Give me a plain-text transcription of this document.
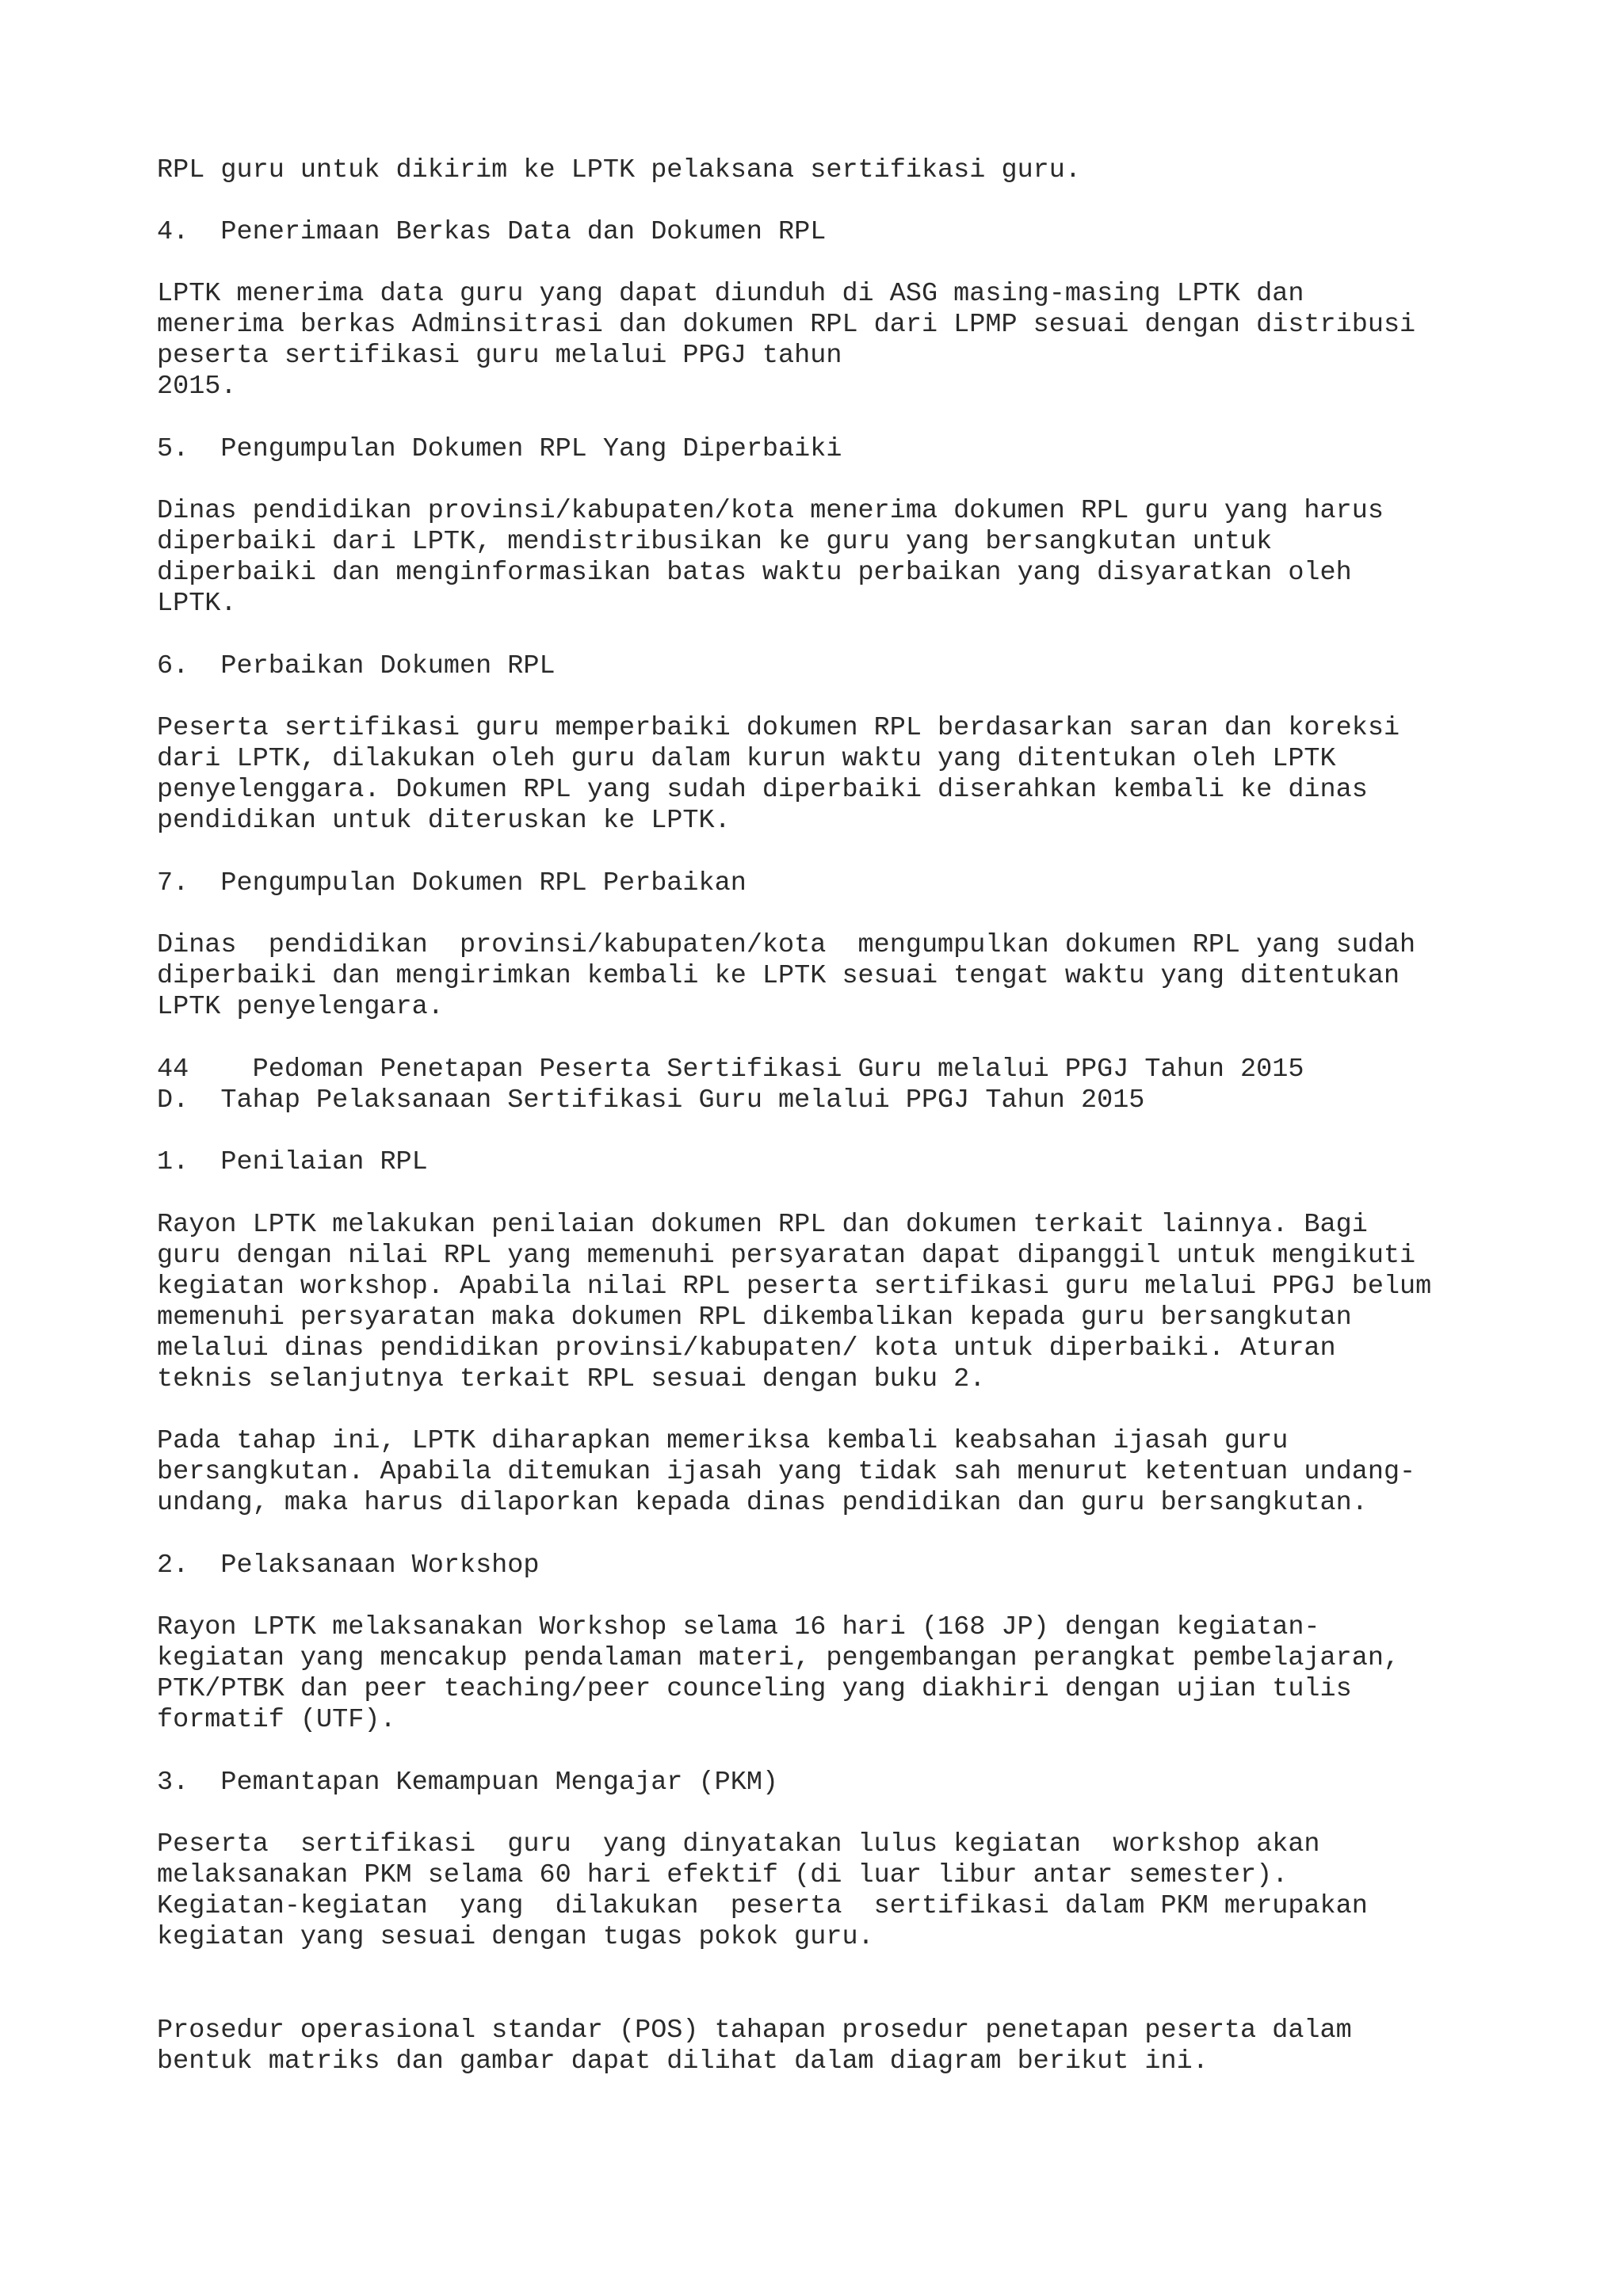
RPL guru untuk dikirim ke LPTK pelaksana sertifikasi guru.

4.  Penerimaan Berkas Data dan Dokumen RPL

LPTK menerima data guru yang dapat diunduh di ASG masing-masing LPTK dan

menerima berkas Adminsitrasi dan dokumen RPL dari LPMP sesuai dengan distribusi

peserta sertifikasi guru melalui PPGJ tahun

2015.

5.  Pengumpulan Dokumen RPL Yang Diperbaiki

Dinas pendidikan provinsi/kabupaten/kota menerima dokumen RPL guru yang harus

diperbaiki dari LPTK, mendistribusikan ke guru yang bersangkutan untuk

diperbaiki dan menginformasikan batas waktu perbaikan yang disyaratkan oleh

LPTK.

6.  Perbaikan Dokumen RPL

Peserta sertifikasi guru memperbaiki dokumen RPL berdasarkan saran dan koreksi

dari LPTK, dilakukan oleh guru dalam kurun waktu yang ditentukan oleh LPTK

penyelenggara. Dokumen RPL yang sudah diperbaiki diserahkan kembali ke dinas

pendidikan untuk diteruskan ke LPTK.

7.  Pengumpulan Dokumen RPL Perbaikan

Dinas  pendidikan  provinsi/kabupaten/kota  mengumpulkan dokumen RPL yang sudah

diperbaiki dan mengirimkan kembali ke LPTK sesuai tengat waktu yang ditentukan

LPTK penyelengara.

44    Pedoman Penetapan Peserta Sertifikasi Guru melalui PPGJ Tahun 2015

D.  Tahap Pelaksanaan Sertifikasi Guru melalui PPGJ Tahun 2015

1.  Penilaian RPL

Rayon LPTK melakukan penilaian dokumen RPL dan dokumen terkait lainnya. Bagi

guru dengan nilai RPL yang memenuhi persyaratan dapat dipanggil untuk mengikuti

kegiatan workshop. Apabila nilai RPL peserta sertifikasi guru melalui PPGJ belum

memenuhi persyaratan maka dokumen RPL dikembalikan kepada guru bersangkutan

melalui dinas pendidikan provinsi/kabupaten/ kota untuk diperbaiki. Aturan

teknis selanjutnya terkait RPL sesuai dengan buku 2.

Pada tahap ini, LPTK diharapkan memeriksa kembali keabsahan ijasah guru

bersangkutan. Apabila ditemukan ijasah yang tidak sah menurut ketentuan undang-

undang, maka harus dilaporkan kepada dinas pendidikan dan guru bersangkutan.

2.  Pelaksanaan Workshop

Rayon LPTK melaksanakan Workshop selama 16 hari (168 JP) dengan kegiatan-

kegiatan yang mencakup pendalaman materi, pengembangan perangkat pembelajaran,

PTK/PTBK dan peer teaching/peer counceling yang diakhiri dengan ujian tulis

formatif (UTF).

3.  Pemantapan Kemampuan Mengajar (PKM)

Peserta  sertifikasi  guru  yang dinyatakan lulus kegiatan  workshop akan

melaksanakan PKM selama 60 hari efektif (di luar libur antar semester).

Kegiatan-kegiatan  yang  dilakukan  peserta  sertifikasi dalam PKM merupakan

kegiatan yang sesuai dengan tugas pokok guru.

Prosedur operasional standar (POS) tahapan prosedur penetapan peserta dalam

bentuk matriks dan gambar dapat dilihat dalam diagram berikut ini.
